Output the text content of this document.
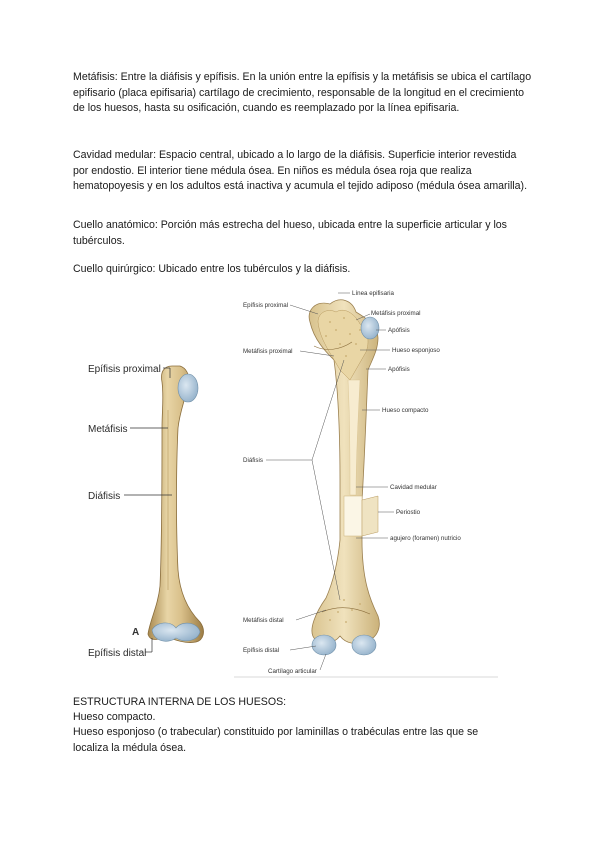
Metáfisis: Entre la diáfisis y epífisis. En la unión entre la epífisis y la metáfisis se ubica el cartílago epifisario (placa epifisaria) cartílago de crecimiento, responsable de la longitud en el crecimiento de los huesos, hasta su osificación, cuando es reemplazado por la línea epifisaria.

Cavidad medular: Espacio central, ubicado a lo largo de la diáfisis. Superficie interior revestida por endostio. El interior tiene médula ósea. En niños es médula ósea roja que realiza hematopoyesis y en los adultos está inactiva y acumula el tejido adiposo (médula ósea amarilla).

Cuello anatómico: Porción más estrecha del hueso, ubicada entre la superficie articular y los tubérculos.

Cuello quirúrgico: Ubicado entre los tubérculos y la diáfisis.

Epífisis proximal
Metáfisis
Diáfisis
A
Epífisis distal
Línea epifisaria
Epífisis proximal
Metáfisis proximal
Apófisis
Metáfisis proximal	Hueso esponjoso
Apófisis
Hueso compacto
Diáfisis
Cavidad medular
Periostio
agujero (foramen) nutricio
Metáfisis distal
Epífisis distal
Cartílago articular

ESTRUCTURA INTERNA DE LOS HUESOS:

Hueso compacto.

Hueso esponjoso (o trabecular) constituido por laminillas o trabéculas entre las que se localiza la médula ósea.
